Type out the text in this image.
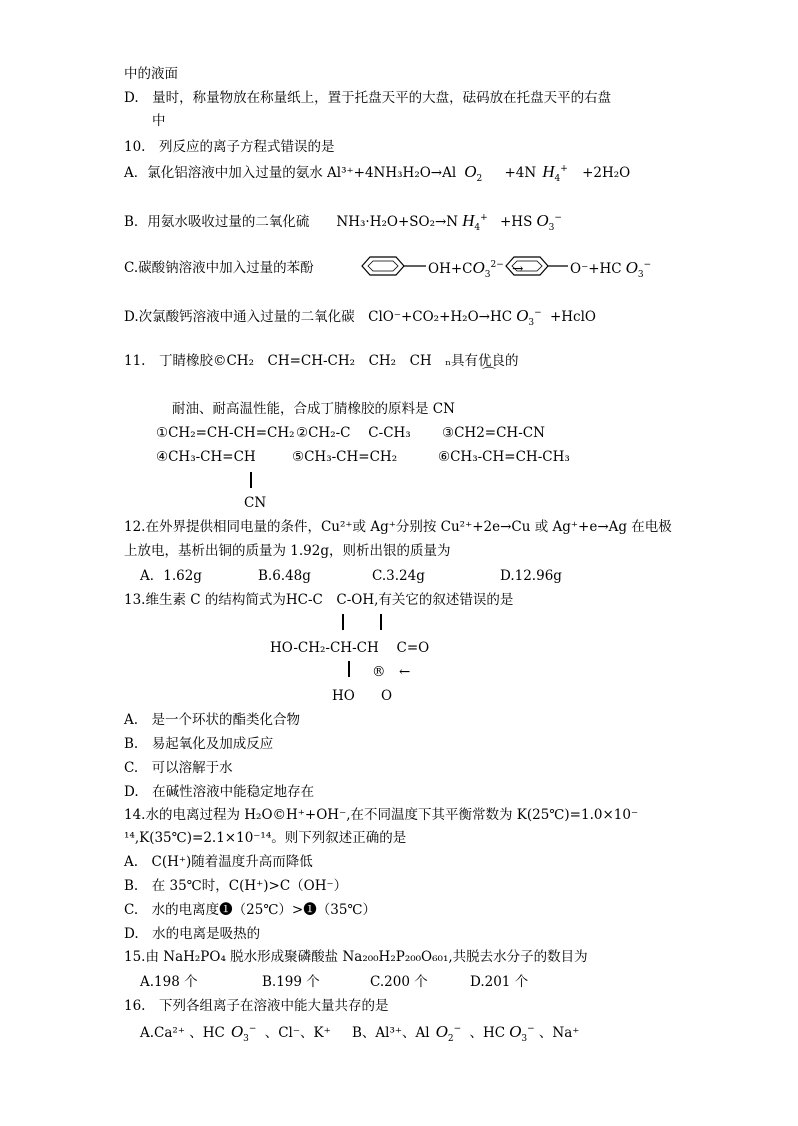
中的液面
D.　量时，称量物放在称量纸上，置于托盘天平的大盘，砝码放在托盘天平的右盘
中
10.　列反应的离子方程式错误的是
A．氯化铝溶液中加入过量的氨水 Al³⁺+4NH₃H₂O→Al $O_2 +4N$ $H_4^+ +2H_2O$
B．用氨水吸收过量的二氧化硫　　NH₃·H₂O+SO₂→N $H_4^+ +HS$ $O_3^-$
C.碳酸钠溶液中加入过量的苯酚	$OH+CO_3^{2-}$ →	O⁻+HC $O_3^-$
D.次氯酸钙溶液中通入过量的二氧化碳　ClO⁻+CO₂+H₂O→HC $O_3^-$ +HclO
11.　丁睛橡胶©CH₂　CH=CH-CH₂　CH₂　CH　ₙ具有优良的
⌒
耐油、耐高温性能，合成丁腈橡胶的原料是 CN
①CH₂=CH-CH=CH₂ ②CH₂-C　 C-CH₃ ③CH2=CH-CN
④CH₃-CH=CH	⑤CH₃-CH=CH₂	⑥CH₃-CH=CH-CH₃
CN
12.在外界提供相同电量的条件，Cu²⁺或 Ag⁺分别按 Cu²⁺+2e→Cu 或 Ag⁺+e→Ag 在电极
上放电，基析出铜的质量为 1.92g，则析出银的质量为
A．1.62g	B.6.48g	C.3.24g	D.12.96g
13.维生素 C 的结构简式为HC-C　C-OH,有关它的叙述错误的是
HO-CH₂-CH-CH　 C=O
®　←
HO O
A.　是一个环状的酯类化合物
B.　易起氧化及加成反应
C.　可以溶解于水
D.　在碱性溶液中能稳定地存在
14.水的电离过程为 H₂O©H⁺+OH⁻,在不同温度下其平衡常数为 K(25℃)=1.0×10⁻
¹⁴,K(35℃)=2.1×10⁻¹⁴。则下列叙述正确的是
A.　C(H⁺)随着温度升高而降低
B.　在 35℃时，C(H⁺)>C（OH⁻）
C.　水的电离度❶（25℃）>❶（35℃）
D.　水的电离是吸热的
15.由 NaH₂PO₄ 脱水形成聚磷酸盐 Na₂₀₀H₂P₂₀₀O₆₀₁,共脱去水分子的数目为
A.198 个	B.199 个	C.200 个	D.201 个
16.　下列各组离子在溶液中能大量共存的是
A.Ca²⁺ 、HC $O_3^-$ 、Cl⁻、K⁺ B、Al³⁺、Al $O_2^-$ 、HC $O_3^-$ 、Na⁺
